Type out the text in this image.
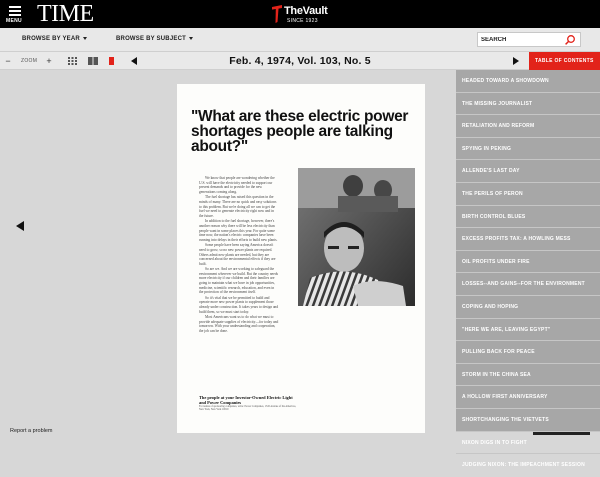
MENU TIME	TheVault
SINCE 1923
BROWSE BY YEAR	BROWSE BY SUBJECT
SEARCH
−	ZOOM	+	Feb. 4, 1974, Vol. 103, No. 5	TABLE OF CONTENTS
"What are these electric power shortages people are talking about?"

We know that people are wondering whether the U.S. will have the electricity needed to support our present demands and to provide for the new generations coming along.

The fuel shortage has raised this question in the minds of many. There are no quick and easy solutions to this problem. But we're doing all we can to get the fuel we need to generate electricity right now and in the future.

In addition to the fuel shortage, however, there's another reason why there will be less electricity than people want in some places this year. For quite some time now, the nation's electric companies have been running into delays in their efforts to build new plants.

Some people have been saying America doesn't need to grow, so no new power plants are required. Others admit new plants are needed, but they are concerned about the environmental effects if they are built.

So are we. And we are working to safeguard the environment wherever we build. But the country needs more electricity if our children and their families are going to maintain what we have in job opportunities, medicine, scientific research, education, and even in the protection of the environment itself.

So it's vital that we be permitted to build and operate more new power plants to supplement those already under construction. It takes years to design and build them, so we must start today.

Most Americans want us to do what we must to provide adequate supplies of electricity—for today and tomorrow. With your understanding and cooperation, the job can be done.

The people at your Investor-Owned Electric Light and Power Companies
For names of sponsoring companies, write: Power Companies, 1345 Avenue of the Americas, New York, New York 10019
Report a problem
HEADED TOWARD A SHOWDOWN
THE MISSING JOURNALIST
RETALIATION AND REFORM
SPYING IN PEKING
ALLENDE'S LAST DAY
THE PERILS OF PERON
BIRTH CONTROL BLUES
EXCESS PROFITS TAX: A HOWLING MESS
OIL PROFITS UNDER FIRE
LOSSES--AND GAINS--FOR THE ENVIRONMENT
COPING AND HOPING
"HERE WE ARE, LEAVING EGYPT"
PULLING BACK FOR PEACE
STORM IN THE CHINA SEA
A HOLLOW FIRST ANNIVERSARY
SHORTCHANGING THE VIETVETS
NIXON DIGS IN TO FIGHT
JUDGING NIXON: THE IMPEACHMENT SESSION
